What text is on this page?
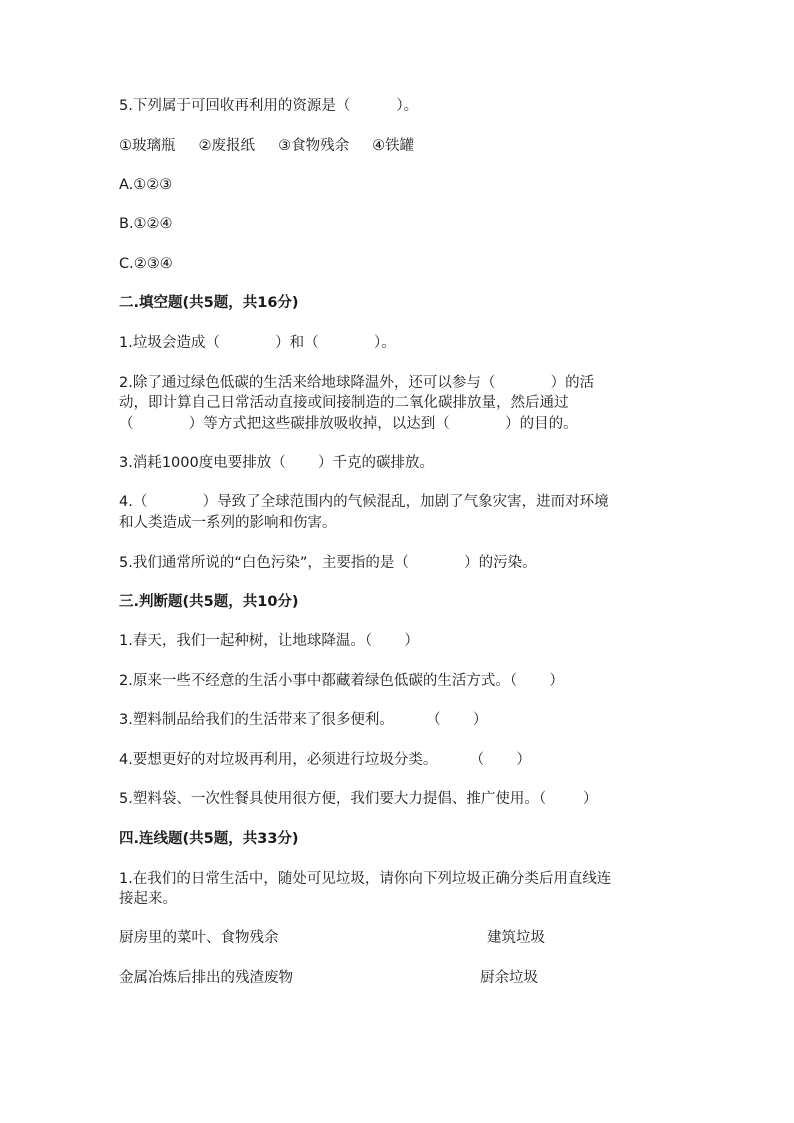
5.下列属于可回收再利用的资源是（          ）。
①玻璃瓶     ②废报纸     ③食物残余     ④铁罐
A.①②③
B.①②④
C.②③④
二.填空题(共5题，共16分)
1.垃圾会造成（            ）和（            ）。
2.除了通过绿色低碳的生活来给地球降温外，还可以参与（            ）的活
动，即计算自己日常活动直接或间接制造的二氧化碳排放量，然后通过
（            ）等方式把这些碳排放吸收掉，以达到（            ）的目的。
3.消耗1000度电要排放（       ）千克的碳排放。
4.（            ）导致了全球范围内的气候混乱，加剧了气象灾害，进而对环境
和人类造成一系列的影响和伤害。
5.我们通常所说的“白色污染”，主要指的是（            ）的污染。
三.判断题(共5题，共10分)
1.春天，我们一起种树，让地球降温。（       ）
2.原来一些不经意的生活小事中都藏着绿色低碳的生活方式。（       ）
3.塑料制品给我们的生活带来了很多便利。       （       ）
4.要想更好的对垃圾再利用，必须进行垃圾分类。       （       ）
5.塑料袋、一次性餐具使用很方便，我们要大力提倡、推广使用。（        ）
四.连线题(共5题，共33分)
1.在我们的日常生活中，随处可见垃圾，请你向下列垃圾正确分类后用直线连
接起来。
厨房里的菜叶、食物残余	建筑垃圾
金属冶炼后排出的残渣废物	厨余垃圾
